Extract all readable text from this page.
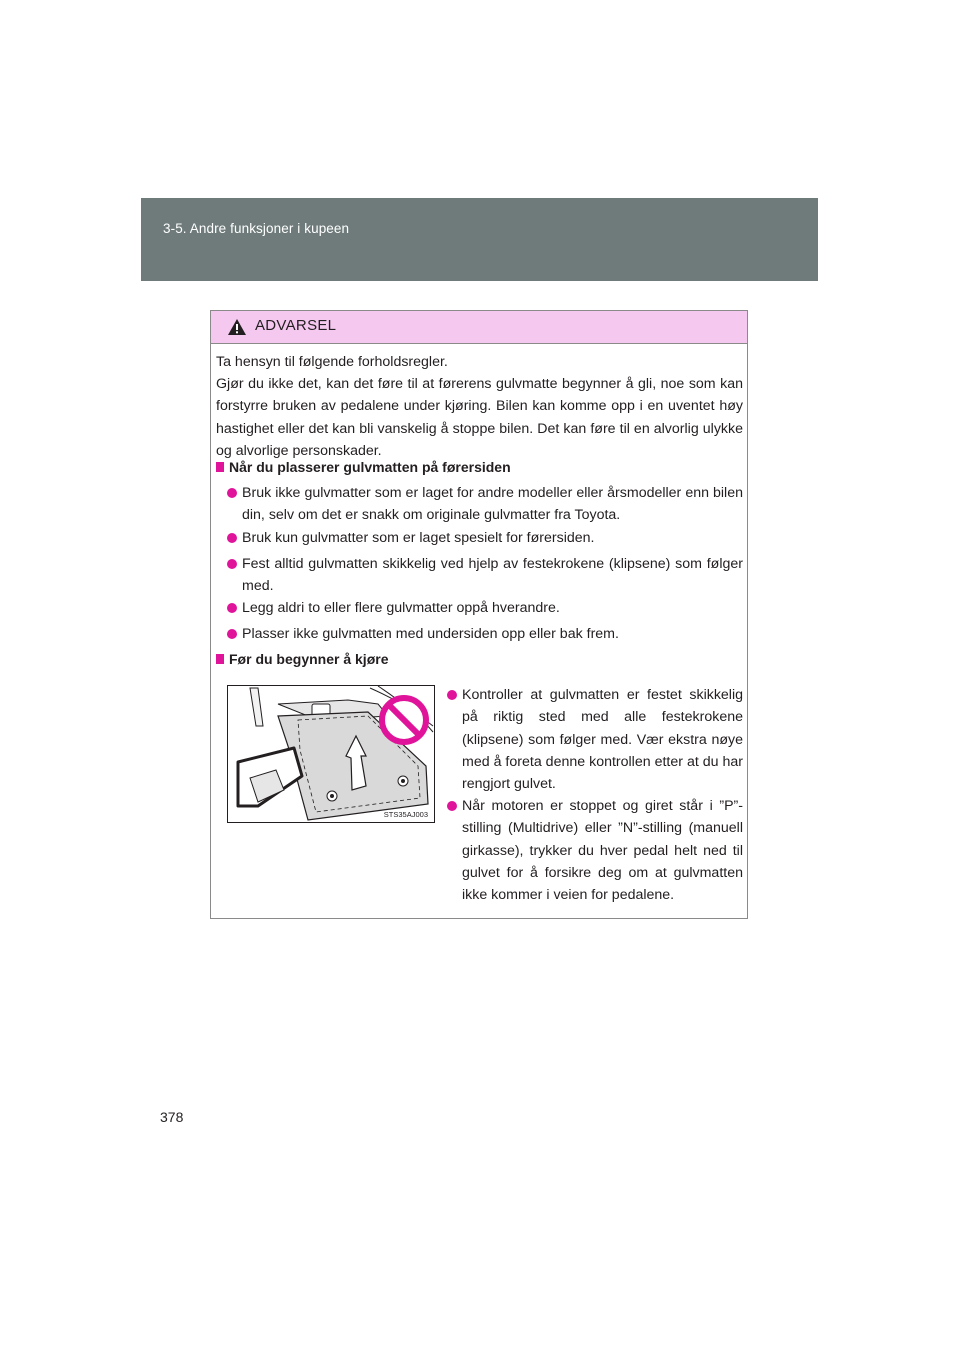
3-5. Andre funksjoner i kupeen
ADVARSEL

Ta hensyn til følgende forholdsregler.

Gjør du ikke det, kan det føre til at førerens gulvmatte begynner å gli, noe som kan forstyrre bruken av pedalene under kjøring. Bilen kan komme opp i en uventet høy hastighet eller det kan bli vanskelig å stoppe bilen. Det kan føre til en alvorlig ulykke og alvorlige personskader.

Når du plasserer gulvmatten på førersiden
Bruk ikke gulvmatter som er laget for andre modeller eller årsmodeller enn bilen din, selv om det er snakk om originale gulvmatter fra Toyota.
Bruk kun gulvmatter som er laget spesielt for førersiden.
Fest alltid gulvmatten skikkelig ved hjelp av festekrokene (klipsene) som følger med.
Legg aldri to eller flere gulvmatter oppå hverandre.
Plasser ikke gulvmatten med undersiden opp eller bak frem.
Før du begynner å kjøre
STS35AJ003
Kontroller at gulvmatten er festet skikkelig på riktig sted med alle festekrokene (klipsene) som følger med. Vær ekstra nøye med å foreta denne kontrollen etter at du har rengjort gulvet.
Når motoren er stoppet og giret står i ”P”-stilling (Multidrive) eller ”N”-stilling (manuell girkasse), trykker du hver pedal helt ned til gulvet for å forsikre deg om at gulvmatten ikke kommer i veien for pedalene.
378
